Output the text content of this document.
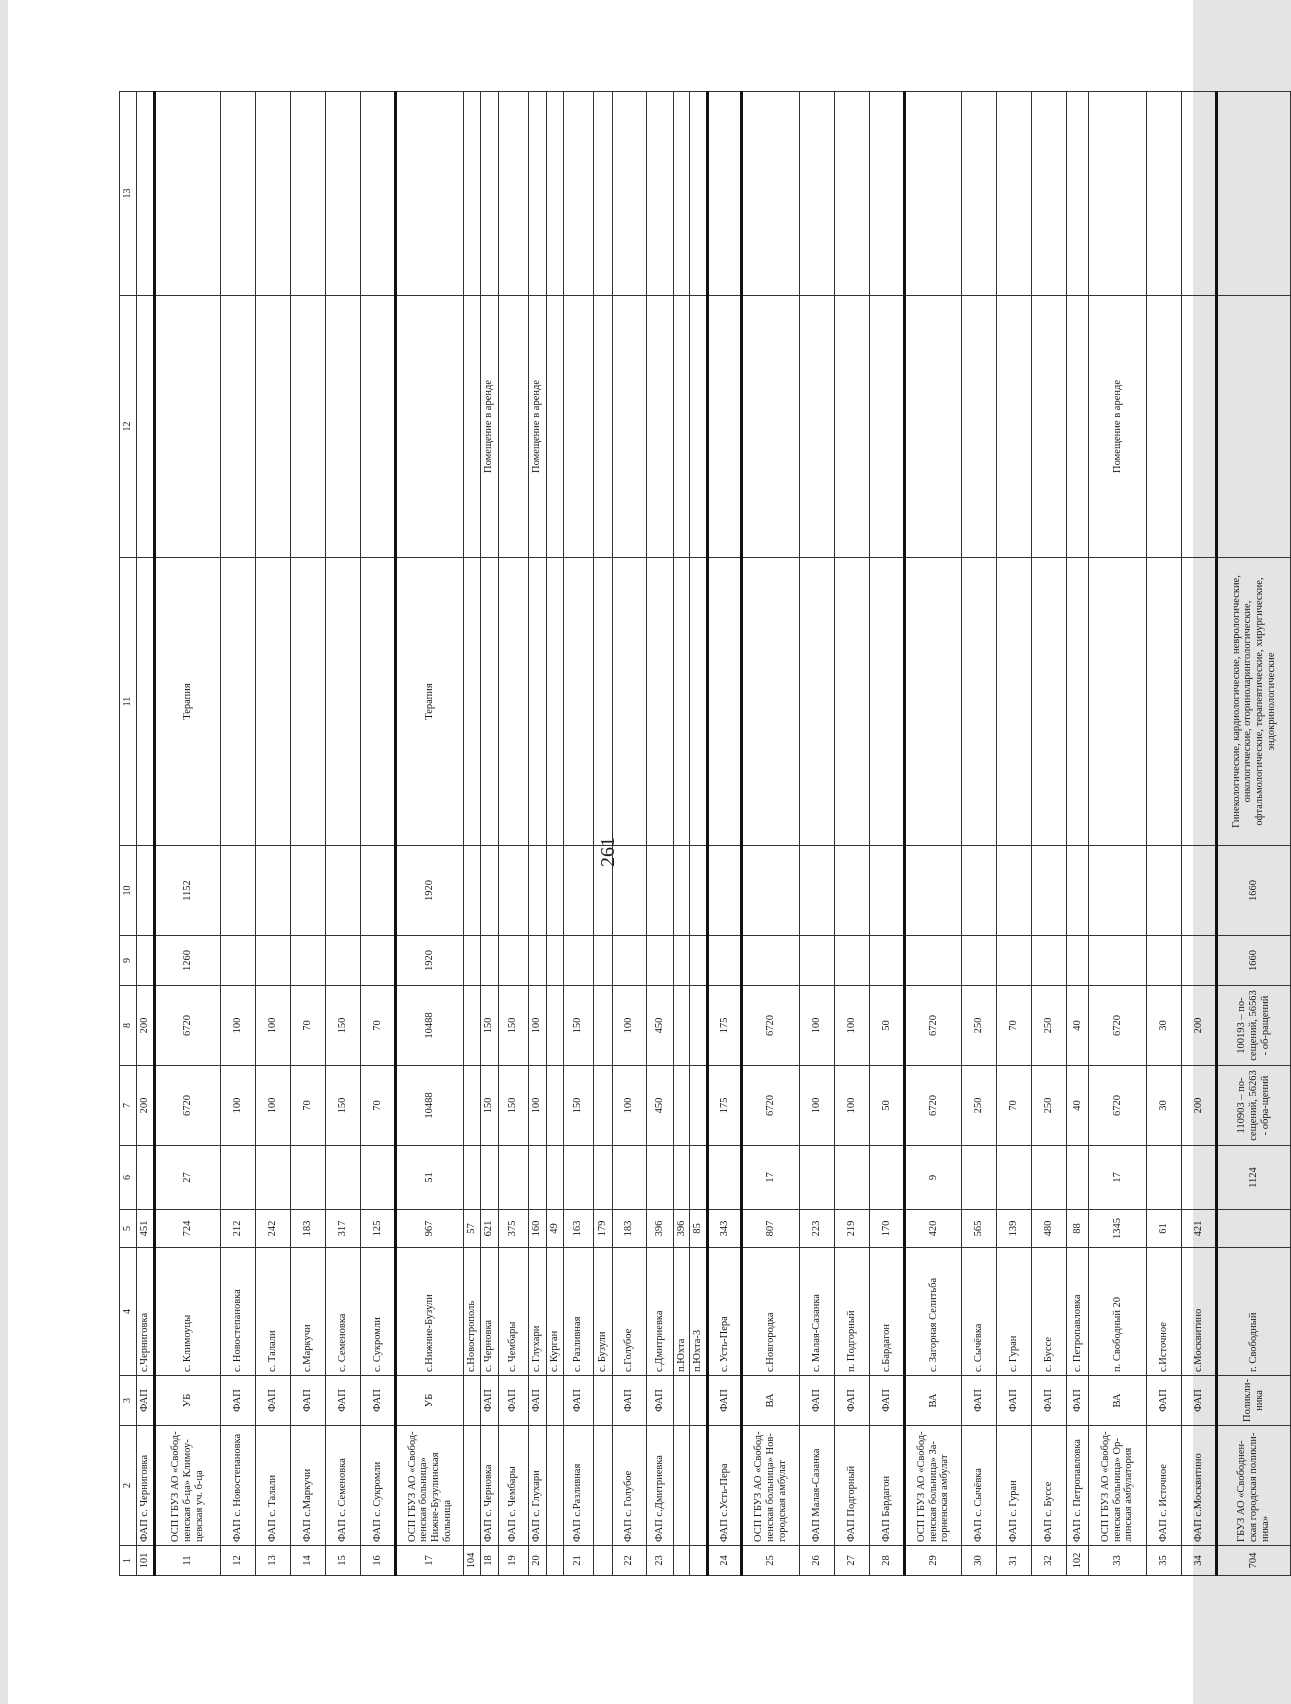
261
1	2	3	4	5	6	7	8	9	10	11	12	13
101	ФАП с. Черниговка	ФАП	с.Черниговка	451		200	200					
11	ОСП ГБУЗ АО «Свобод-ненская б-ца» Климоу-цевская уч. б-ца	УБ	с. Климоуцы	724	27	6720	6720	1260	1152	Терапия		
12	ФАП с. Новостепановка	ФАП	с. Новостепановка	212		100	100					
13	ФАП с. Талали	ФАП	с. Талали	242		100	100					
14	ФАП с.Маркучи	ФАП	с.Маркучи	183		70	70					
15	ФАП с. Семеновка	ФАП	с. Семеновка	317		150	150					
16	ФАП с. Сукромли	ФАП	с. Сукромли	125		70	70					
17	ОСП ГБУЗ АО «Свобод-ненская больница» Нижне-Бузулинская больница	УБ	с.Нижние-Бузули	967	51	10488	10488	1920	1920	Терапия		
104			с.Новострополь	57								
18	ФАП с. Черновка	ФАП	с. Черновка	621		150	150				Помещение в аренде	
19	ФАП с. Чембары	ФАП	с. Чембары	375		150	150					
20	ФАП с. Глухари	ФАП	с. Глухари	160		100	100				Помещение в аренде	
			с. Курган	49								
21	ФАП с.Разливная	ФАП	с. Разливная	163		150	150					
			с. Бузули	179								
22	ФАП с. Голубое	ФАП	с.Голубое	183		100	100					
23	ФАП с.Дмитриевка	ФАП	с.Дмитриевка	396		450	450					
			п.Юхта	396								
			п.Юхта-3	85								
24	ФАП с.Усть-Пера	ФАП	с. Усть-Пера	343		175	175					
25	ОСП ГБУЗ АО «Свобод-ненская больница» Нов-городская амбулат	ВА	с.Новгородка	807	17	6720	6720					
26	ФАП Малая-Сазанка	ФАП	с. Малая-Сазанка	223		100	100					
27	ФАП Подгорный	ФАП	п. Подгорный	219		100	100					
28	ФАП Бардагон	ФАП	с.Бардагон	170		50	50					
29	ОСП ГБУЗ АО «Свобод-ненская больница» За-горненская амбулат	ВА	с. Загорная Селитьба	420	9	6720	6720					
30	ФАП с. Сычёвка	ФАП	с. Сычёвка	565		250	250					
31	ФАП с. Гуран	ФАП	с. Гуран	139		70	70					
32	ФАП с. Буссе	ФАП	с. Буссе	480		250	250					
102	ФАП с. Петропавловка	ФАП	с. Петропавловка	88		40	40					
33	ОСП ГБУЗ АО «Свобод-ненская больница» Ор-линская амбулатория	ВА	п. Свободный 20	1345	17	6720	6720				Помещение в аренде	
35	ФАП с. Источное	ФАП	с.Источное	61		30	30					
34	ФАП с.Москвитино	ФАП	с.Москвитино	421		200	200					
704	ГБУЗ АО «Свободнен-ская городская поликли-ника»	Поликли-ника	г. Свободный		1124	110903 – по-сещений, 56263 - обра-щений	100193 – по-сещений, 56563 - об-ращений	1660	1660	Гинекологические, кардиологические, неврологические, онкологические, оториноларингологические, офтальмологические, терапевтические, хирургические, эндокринологические		
